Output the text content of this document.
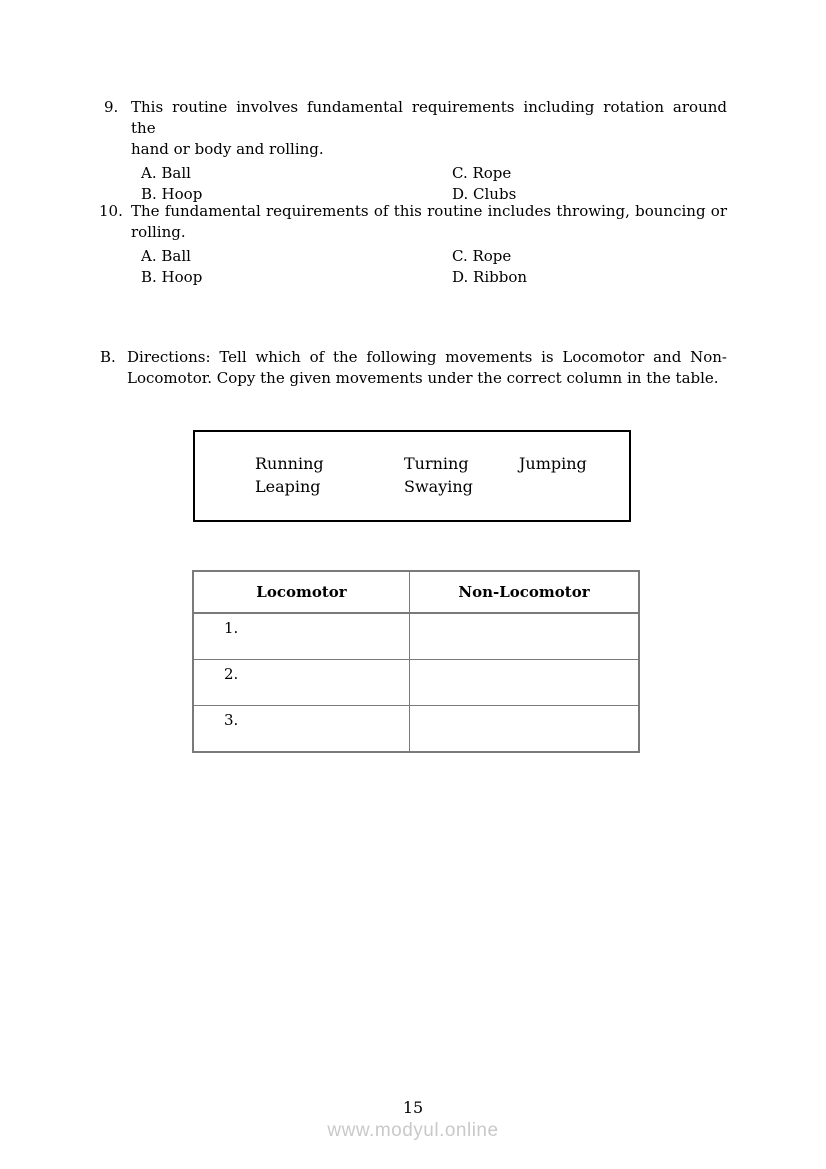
9. This routine involves fundamental requirements including rotation around the
hand or body and rolling.
A. Ball	C. Rope
B. Hoop	D. Clubs
10. The fundamental requirements of this routine includes throwing, bouncing or
rolling.
A. Ball	C. Rope
B. Hoop	D. Ribbon
B. Directions: Tell which of the following movements is Locomotor and Non-
Locomotor. Copy the given movements under the correct column in the table.
Running	Turning	Jumping
Leaping	Swaying
Locomotor	Non-Locomotor
1.	
2.	
3.	
15
www.modyul.online
